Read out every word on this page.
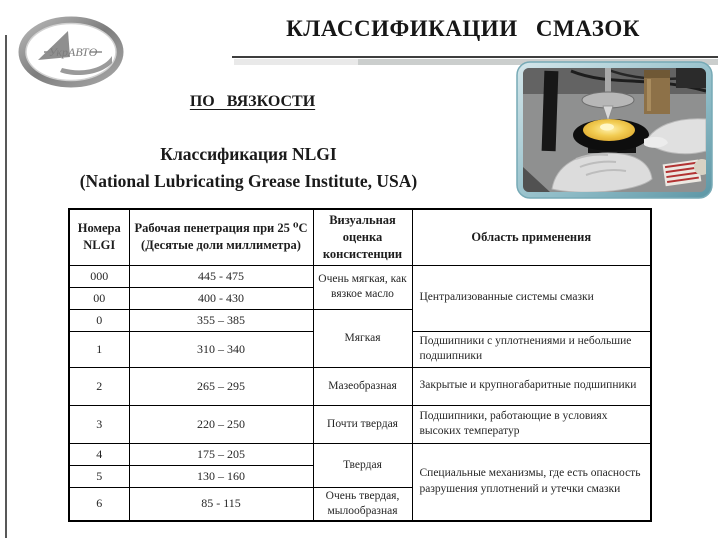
УкрАВТО
КЛАССИФИКАЦИИ СМАЗОК
ПО ВЯЗКОСТИ
Классификация NLGI
(National Lubricating Grease Institute, USA)
Номера NLGI	Рабочая пенетрация при 25 ⁰С (Десятые доли миллиметра)	Визуальная оценка консистенции	Область применения
000	445 - 475	Очень мягкая, как вязкое масло	Централизованные системы смазки
00	400 - 430		
0	355 – 385	Мягкая	
1	310 – 340		Подшипники с уплотнениями и небольшие подшипники
2	265 – 295	Мазеобразная	Закрытые и крупногабаритные подшипники
3	220 – 250	Почти твердая	Подшипники, работающие в условиях высоких температур
4	175 – 205	Твердая	Специальные механизмы, где есть опасность разрушения уплотнений и утечки смазки
5	130 – 160		
6	85 - 115	Очень твердая, мылообразная	
